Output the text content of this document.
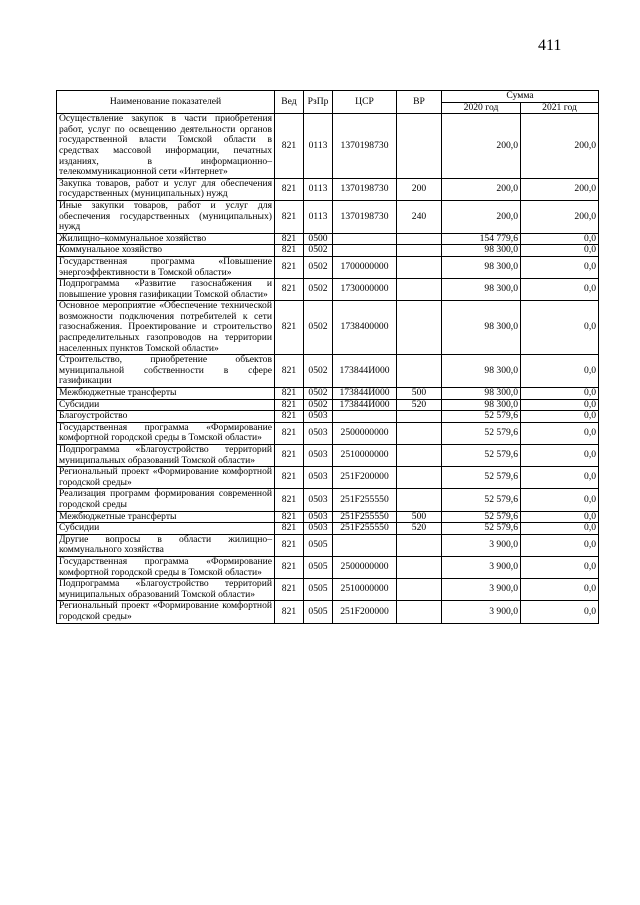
411
Наименование показателей	Вед	РзПр	ЦСР	ВР	Сумма	
					2020 год	2021 год
Осуществление закупок в части приобретения работ, услуг по освещению деятельности органов государственной власти Томской области в средствах массовой информации, печатных изданиях, в информационно–телекоммуникационной сети «Интернет»	821	0113	1370198730		200,0	200,0
Закупка товаров, работ и услуг для обеспечения государственных (муниципальных) нужд	821	0113	1370198730	200	200,0	200,0
Иные закупки товаров, работ и услуг для обеспечения государственных (муниципальных) нужд	821	0113	1370198730	240	200,0	200,0
Жилищно–коммунальное хозяйство	821	0500			154 779,6	0,0
Коммунальное хозяйство	821	0502			98 300,0	0,0
Государственная программа «Повышение энергоэффективности в Томской области»	821	0502	1700000000		98 300,0	0,0
Подпрограмма «Развитие газоснабжения и повышение уровня газификации Томской области»	821	0502	1730000000		98 300,0	0,0
Основное мероприятие «Обеспечение технической возможности подключения потребителей к сети газоснабжения. Проектирование и строительство распределительных газопроводов на территории населенных пунктов Томской области»	821	0502	1738400000		98 300,0	0,0
Строительство, приобретение объектов муниципальной собственности в сфере газификации	821	0502	173844И000		98 300,0	0,0
Межбюджетные трансферты	821	0502	173844И000	500	98 300,0	0,0
Субсидии	821	0502	173844И000	520	98 300,0	0,0
Благоустройство	821	0503			52 579,6	0,0
Государственная программа «Формирование комфортной городской среды в Томской области»	821	0503	2500000000		52 579,6	0,0
Подпрограмма «Благоустройство территорий муниципальных образований Томской области»	821	0503	2510000000		52 579,6	0,0
Региональный проект «Формирование комфортной городской среды»	821	0503	251F200000		52 579,6	0,0
Реализация программ формирования современной городской среды	821	0503	251F255550		52 579,6	0,0
Межбюджетные трансферты	821	0503	251F255550	500	52 579,6	0,0
Субсидии	821	0503	251F255550	520	52 579,6	0,0
Другие вопросы в области жилищно–коммунального хозяйства	821	0505			3 900,0	0,0
Государственная программа «Формирование комфортной городской среды в Томской области»	821	0505	2500000000		3 900,0	0,0
Подпрограмма «Благоустройство территорий муниципальных образований Томской области»	821	0505	2510000000		3 900,0	0,0
Региональный проект «Формирование комфортной городской среды»	821	0505	251F200000		3 900,0	0,0
